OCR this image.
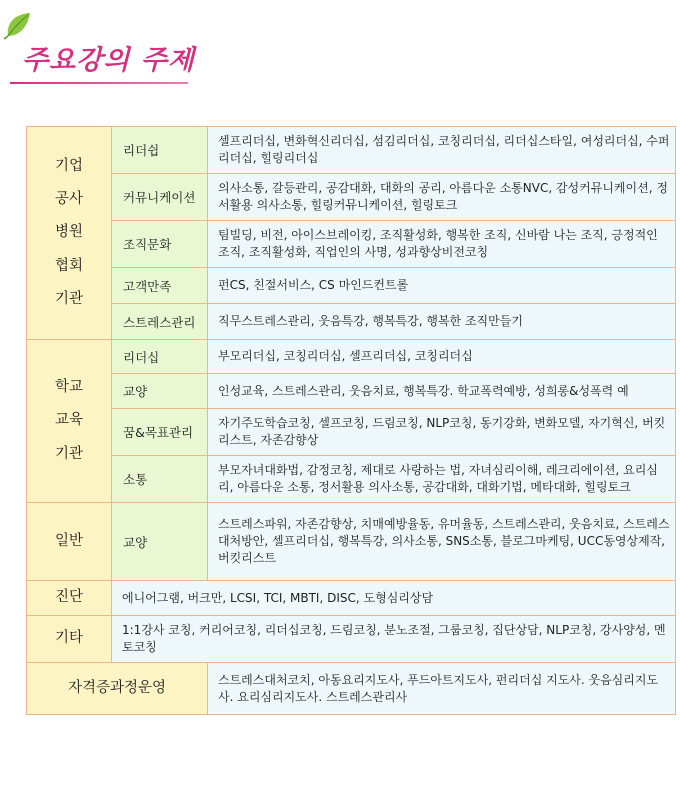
주요강의 주제
기업
공사
병원
협회
기관	리더쉽	셀프리더십, 변화혁신리더십, 섬김리더십, 코칭리더십, 리더십스타일, 여성리더십, 수퍼리더십, 힐링리더십
	커뮤니케이션	의사소통, 갈등관리, 공감대화, 대화의 공리, 아름다운 소통NVC, 감성커뮤니케이션, 정서활용 의사소통, 힐링커뮤니케이션, 힐링토크
	조직문화	팀빌딩, 비전, 아이스브레이킹, 조직활성화, 행복한 조직, 신바람 나는 조직, 긍정적인 조직, 조직활성화, 직업인의 사명, 성과향상비전코칭
	고객만족	펀CS, 친절서비스, CS 마인드컨트롤
	스트레스관리	직무스트레스관리, 웃음특강, 행복특강, 행복한 조직만들기

학교
교육
기관	리더십	부모리더십, 코칭리더십, 셀프리더십, 코칭리더십
	교양	인성교육, 스트레스관리, 웃음치료, 행복특강. 학교폭력예방, 성희롱&성폭력 예
	꿈&목표관리	자기주도학습코칭, 셀프코칭, 드림코칭, NLP코칭, 동기강화, 변화모델, 자기혁신, 버킷리스트, 자존감향상
	소통	부모자녀대화법, 감정코칭, 제대로 사랑하는 법, 자녀심리이해, 레크리에이션, 요리심리, 아름다운 소통, 정서활용 의사소통, 공감대화, 대화기법, 메타대화, 힐링토크
일반	교양	스트레스파워, 자존감향상, 치매예방율동, 유머율동, 스트레스관리, 웃음치료, 스트레스대처방안, 셀프리더십, 행복특강, 의사소통, SNS소통, 블로그마케팅, UCC동영상제작, 버킷리스트
진단	에니어그램, 버크만, LCSI, TCI, MBTI, DISC, 도형심리상담	
기타	1:1강사 코칭, 커리어코칭, 리더십코칭, 드림코칭, 분노조절, 그룹코칭, 집단상담, NLP코칭, 강사양성, 멘토코칭	
자격증과정운영		스트레스대처코치, 아동요리지도사, 푸드아트지도사, 펀리더십 지도사. 웃음심리지도사. 요리심리지도사. 스트레스관리사
